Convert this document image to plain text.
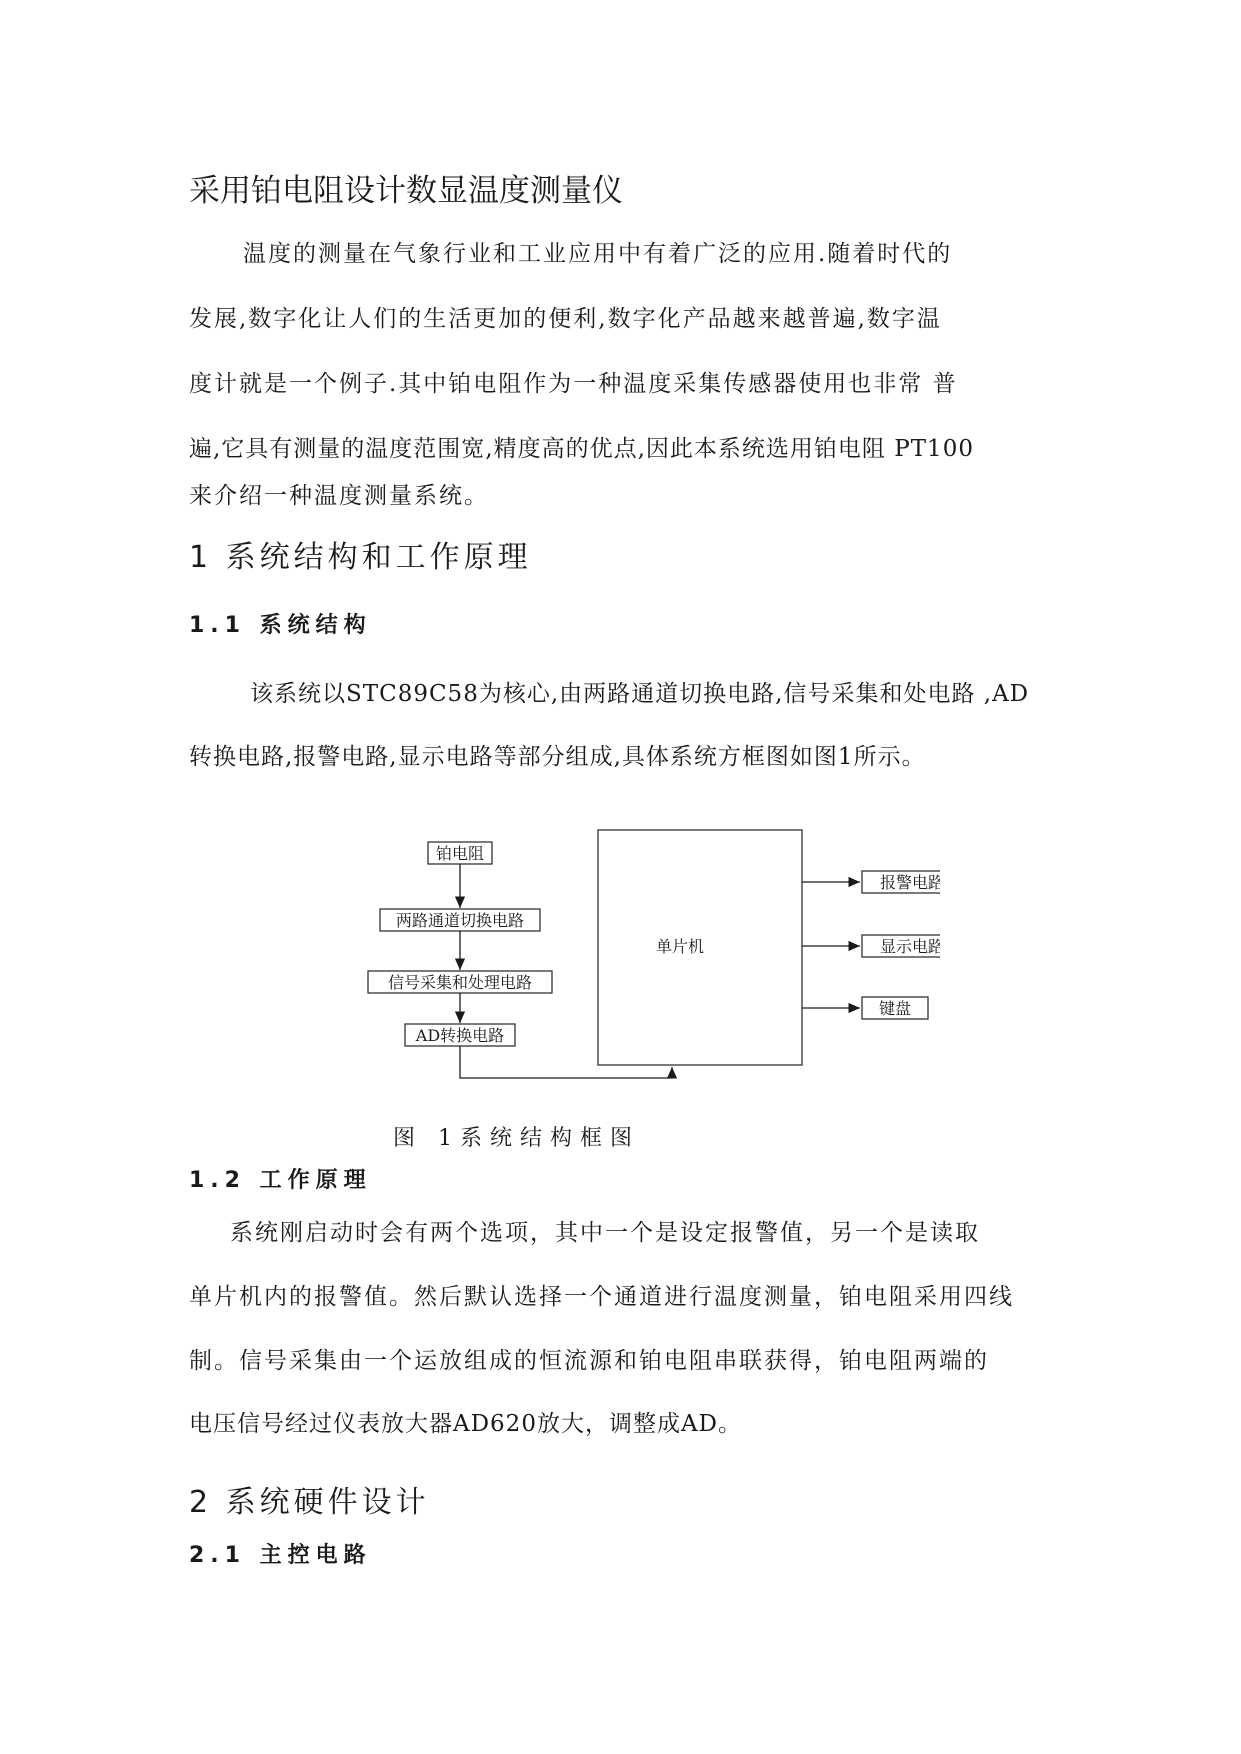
采用铂电阻设计数显温度测量仪
温度的测量在气象行业和工业应用中有着广泛的应用.随着时代的
发展,数字化让人们的生活更加的便利,数字化产品越来越普遍,数字温
度计就是一个例子.其中铂电阻作为一种温度采集传感器使用也非常 普
遍,它具有测量的温度范围宽,精度高的优点,因此本系统选用铂电阻 PT100
来介绍一种温度测量系统。
1 系统结构和工作原理
1.1 系统结构
该系统以STC89C58为核心,由两路通道切换电路,信号采集和处电路 ,AD
转换电路,报警电路,显示电路等部分组成,具体系统方框图如图1所示。
铂电阻
两路通道切换电路
信号采集和处理电路
AD转换电路
单片机
报警电路
显示电路
键盘
图 1系统结构框图
1.2 工作原理
系统刚启动时会有两个选项，其中一个是设定报警值，另一个是读取
单片机内的报警值。然后默认选择一个通道进行温度测量，铂电阻采用四线
制。信号采集由一个运放组成的恒流源和铂电阻串联获得，铂电阻两端的
电压信号经过仪表放大器AD620放大，调整成AD。
2 系统硬件设计
2.1 主控电路
